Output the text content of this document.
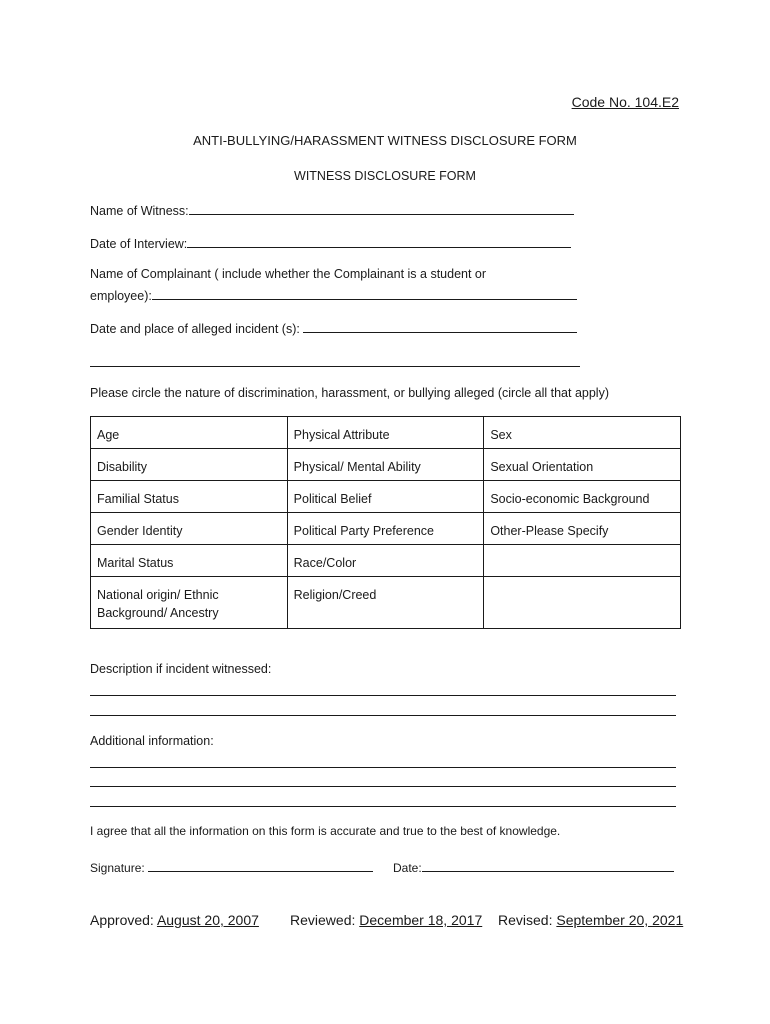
Code No. 104.E2
ANTI-BULLYING/HARASSMENT WITNESS DISCLOSURE FORM
WITNESS DISCLOSURE FORM
Name of Witness:
Date of Interview:
Name of Complainant ( include whether the Complainant is a student or
employee):
Date and place of alleged incident (s):
Please circle the nature of discrimination, harassment, or bullying alleged (circle all that apply)
Age	Physical Attribute	Sex
Disability	Physical/ Mental Ability	Sexual Orientation
Familial Status	Political Belief	Socio-economic Background
Gender Identity	Political Party Preference	Other-Please Specify
Marital Status	Race/Color	
National origin/ Ethnic Background/ Ancestry	Religion/Creed	
Description if incident witnessed:
Additional information:
I agree that all the information on this form is accurate and true to the best of knowledge.
Signature:	Date:
Approved: August 20, 2007 Reviewed: December 18, 2017 Revised: September 20, 2021
